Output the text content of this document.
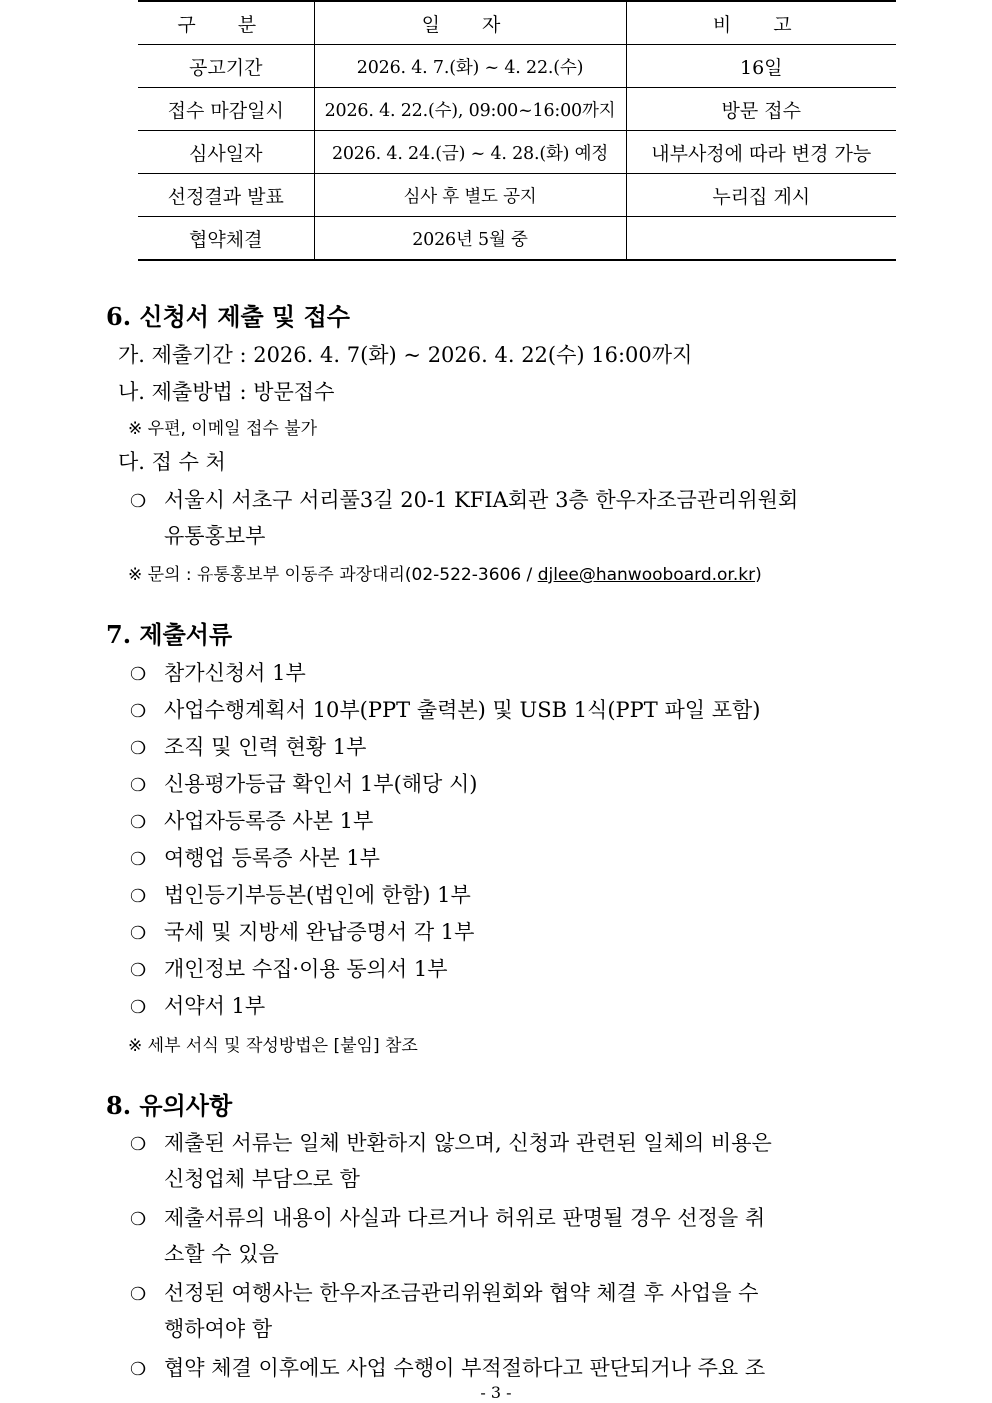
구 분	일 자	비 고
공고기간	2026. 4. 7.(화) ~ 4. 22.(수)	16일
접수 마감일시	2026. 4. 22.(수), 09:00~16:00까지	방문 접수
심사일자	2026. 4. 24.(금) ~ 4. 28.(화) 예정	내부사정에 따라 변경 가능
선정결과 발표	심사 후 별도 공지	누리집 게시
협약체결	2026년 5월 중	
6. 신청서 제출 및 접수
가. 제출기간 : 2026. 4. 7(화) ~ 2026. 4. 22(수) 16:00까지
나. 제출방법 : 방문접수
※ 우편, 이메일 접수 불가
다. 접 수 처
❍ 서울시 서초구 서리풀3길 20-1 KFIA회관 3층 한우자조금관리위원회
유통홍보부
※ 문의 : 유통홍보부 이동주 과장대리(02-522-3606 / djlee@hanwooboard.or.kr)
7. 제출서류
❍ 참가신청서 1부
❍ 사업수행계획서 10부(PPT 출력본) 및 USB 1식(PPT 파일 포함)
❍ 조직 및 인력 현황 1부
❍ 신용평가등급 확인서 1부(해당 시)
❍ 사업자등록증 사본 1부
❍ 여행업 등록증 사본 1부
❍ 법인등기부등본(법인에 한함) 1부
❍ 국세 및 지방세 완납증명서 각 1부
❍ 개인정보 수집·이용 동의서 1부
❍ 서약서 1부
※ 세부 서식 및 작성방법은 [붙임] 참조
8. 유의사항
❍ 제출된 서류는 일체 반환하지 않으며, 신청과 관련된 일체의 비용은
신청업체 부담으로 함
❍ 제출서류의 내용이 사실과 다르거나 허위로 판명될 경우 선정을 취
소할 수 있음
❍ 선정된 여행사는 한우자조금관리위원회와 협약 체결 후 사업을 수
행하여야 함
❍ 협약 체결 이후에도 사업 수행이 부적절하다고 판단되거나 주요 조
- 3 -
